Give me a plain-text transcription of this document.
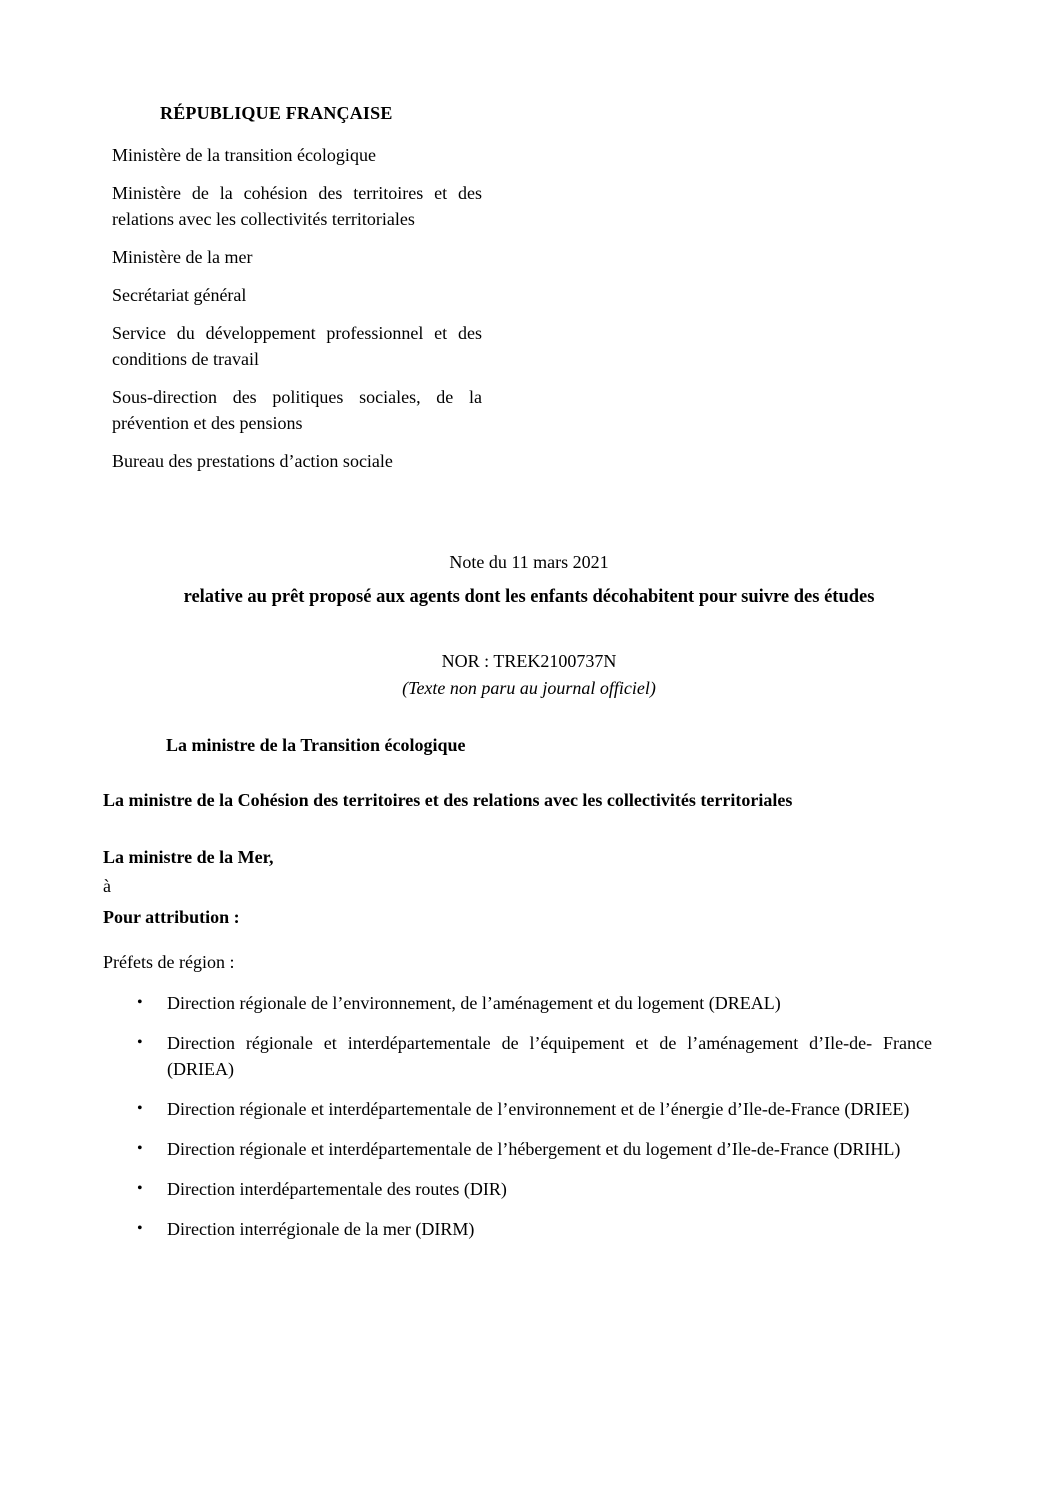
RÉPUBLIQUE FRANÇAISE

Ministère de la transition écologique

Ministère de la cohésion des territoires et des relations avec les collectivités territoriales

Ministère de la mer

Secrétariat général

Service du développement professionnel et des conditions de travail

Sous-direction des politiques sociales, de la prévention et des pensions

Bureau des prestations d’action sociale

Note du 11 mars 2021

relative au prêt proposé aux agents dont les enfants décohabitent pour suivre des études

NOR : TREK2100737N

(Texte non paru au journal officiel)

La ministre de la Transition écologique

La ministre de la Cohésion des territoires et des relations avec les collectivités territoriales

La ministre de la Mer,

à

Pour attribution :

Préfets de région :

•	Direction régionale de l’environnement, de l’aménagement et du logement (DREAL)
•	Direction régionale et interdépartementale de l’équipement et de l’aménagement d’Ile-de- France (DRIEA)
•	Direction régionale et interdépartementale de l’environnement et de l’énergie d’Ile-de-France (DRIEE)
•	Direction régionale et interdépartementale de l’hébergement et du logement d’Ile-de-France (DRIHL)
•	Direction interdépartementale des routes (DIR)
•	Direction interrégionale de la mer (DIRM)
